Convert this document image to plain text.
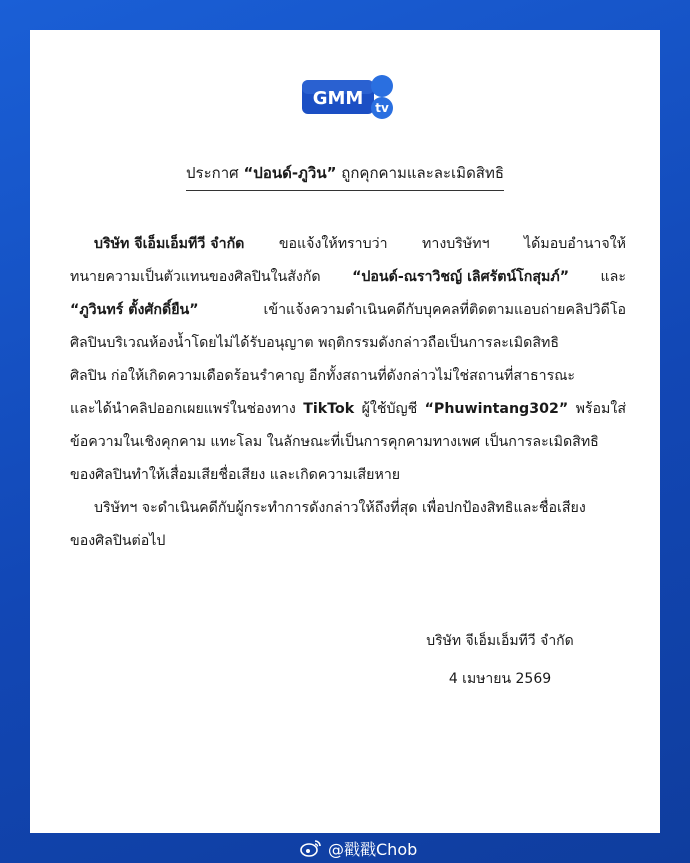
GMM tv
ประกาศ “ปอนด์-ภูวิน” ถูกคุกคามและละเมิดสิทธิ
บริษัท จีเอ็มเอ็มทีวี จำกัด ขอแจ้งให้ทราบว่า ทางบริษัทฯ ได้มอบอำนาจให้
ทนายความเป็นตัวแทนของศิลปินในสังกัด “ปอนด์-ณราวิชญ์ เลิศรัตน์โกสุมภ์” และ
“ภูวินทร์ ตั้งศักดิ์ยืน”	เข้าแจ้งความดำเนินคดีกับบุคคลที่ติดตามแอบถ่ายคลิปวิดีโอ
ศิลปินบริเวณห้องน้ำโดยไม่ได้รับอนุญาต พฤติกรรมดังกล่าวถือเป็นการละเมิดสิทธิ
ศิลปิน ก่อให้เกิดความเดือดร้อนรำคาญ อีกทั้งสถานที่ดังกล่าวไม่ใช่สถานที่สาธารณะ
และได้นำคลิปออกเผยแพร่ในช่องทาง TikTok ผู้ใช้บัญชี “Phuwintang302” พร้อมใส่
ข้อความในเชิงคุกคาม แทะโลม ในลักษณะที่เป็นการคุกคามทางเพศ เป็นการละเมิดสิทธิ
ของศิลปินทำให้เสื่อมเสียชื่อเสียง และเกิดความเสียหาย
บริษัทฯ จะดำเนินคดีกับผู้กระทำการดังกล่าวให้ถึงที่สุด เพื่อปกป้องสิทธิและชื่อเสียง
ของศิลปินต่อไป
บริษัท จีเอ็มเอ็มทีวี จำกัด
4 เมษายน 2569
@戳戳Chob
